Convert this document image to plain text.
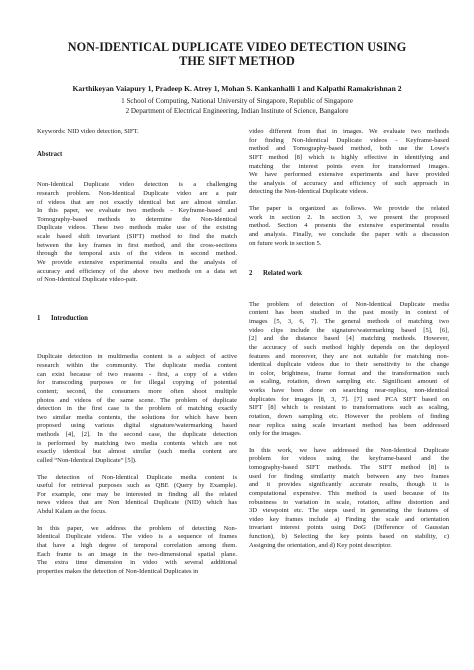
NON-IDENTICAL DUPLICATE VIDEO DETECTION USING
THE SIFT METHOD
Karthikeyan Vaiapury 1, Pradeep K. Atrey 1, Mohan S. Kankanhalli 1 and Kalpathi Ramakrishnan 2
1 School of Computing, National University of Singapore, Republic of Singapore
2 Department of Electrical Engineering, Indian Institute of Science, Bangalore

Keywords: NID video detection, SIFT.

Abstract

Non-Identical Duplicate video detection is a challenging
research problem. Non-Identical Duplicate video are a pair
of videos that are not exactly identical but are almost similar.
In this paper, we evaluate two methods - Keyframe-based and
Tomography-based methods to determine the Non-Identical
Duplicate videos. These two methods make use of the existing
scale based shift invariant (SIFT) method to find the match
between the key frames in first method, and the cross-sections
through the temporal axis of the videos in second method.
We provide extensive experimental results and the analysis of
accuracy and efficiency of the above two methods on a data set
of Non-Identical Duplicate video-pair.

1 Introduction

Duplicate detection in multimedia content is a subject of active
research within the community. The duplicate media content
can exist because of two reasons - first, a copy of a video
for transcoding purposes or for illegal copying of potential
content; second, the consumers more often shoot multiple
photos and videos of the same scene. The problem of duplicate
detection in the first case is the problem of matching exactly
two similar media contents, the solutions for which have been
proposed using various digital signature/watermarking based
methods [4], [2]. In the second case, the duplicate detection
is performed by matching two media contents which are not
exactly identical but almost similar (such media content are
called “Non-Identical Duplicate” [5]).

The detection of Non-Identical Duplicate media content is
useful for retrieval purposes such as QBE (Query by Example).
For example, one may be interested in finding all the related
news videos that are Non Identical Duplicate (NID) which has
Abdul Kalam as the focus.

In this paper, we address the problem of detecting Non-
Identical Duplicate videos. The video is a sequence of frames
that have a high degree of temporal correlation among them.
Each frame is an image in the two-dimensional spatial plane.
The extra time dimension in video with several additional
properties makes the detection of Non-Identical Duplicates in

video different from that in images. We evaluate two methods
for finding Non-Identical Duplicate videos - Keyframe-based
method and Tomography-based method, both use the Lowe's
SIFT method [8] which is highly effective in identifying and
matching the interest points even for transformed images.
We have performed extensive experiments and have provided
the analysis of accuracy and efficiency of such approach in
detecting the Non-Identical Duplicate videos.

The paper is organized as follows. We provide the related
work in section 2. In section 3, we present the proposed
method. Section 4 presents the extensive experimental results
and analysis. Finally, we conclude the paper with a discussion
on future work in section 5.

2 Related work

The problem of detection of Non-Identical Duplicate media
content has been studied in the past mostly in context of
images [5, 3, 6, 7]. The general methods of matching two
video clips include the signature/watermarking based [5], [6],
[2] and the distance based [4] matching methods. However,
the accuracy of such method highly depends on the deployed
features and moreover, they are not suitable for matching non-
identical duplicate videos due to their sensitivity to the change
in color, brightness, frame format and the transformation such
as scaling, rotation, down sampling etc. Significant amount of
works have been done on searching near-replica, non-identical
duplicates for images [8, 3, 7]. [7] used PCA SIFT based on
SIFT [8] which is resistant to transformations such as scaling,
rotation, down sampling etc. However the problem of finding
near replica using scale invariant method has been addressed
only for the images.

In this work, we have addressed the Non-Identical Duplicate
problem for videos using the keyframe-based and the
tomography-based SIFT methods. The SIFT method [8] is
used for finding similarity match between any two frames
and it provides significantly accurate results, though it is
computational expensive. This method is used because of its
robustness to variation in scale, rotation, affine distortion and
3D viewpoint etc. The steps used in generating the features of
video key frames include a) Finding the scale and orientation
invariant interest points using DoG (Difference of Gaussian
function), b) Selecting the key points based on stability, c)
Assigning the orientation, and d) Key point descriptor.
